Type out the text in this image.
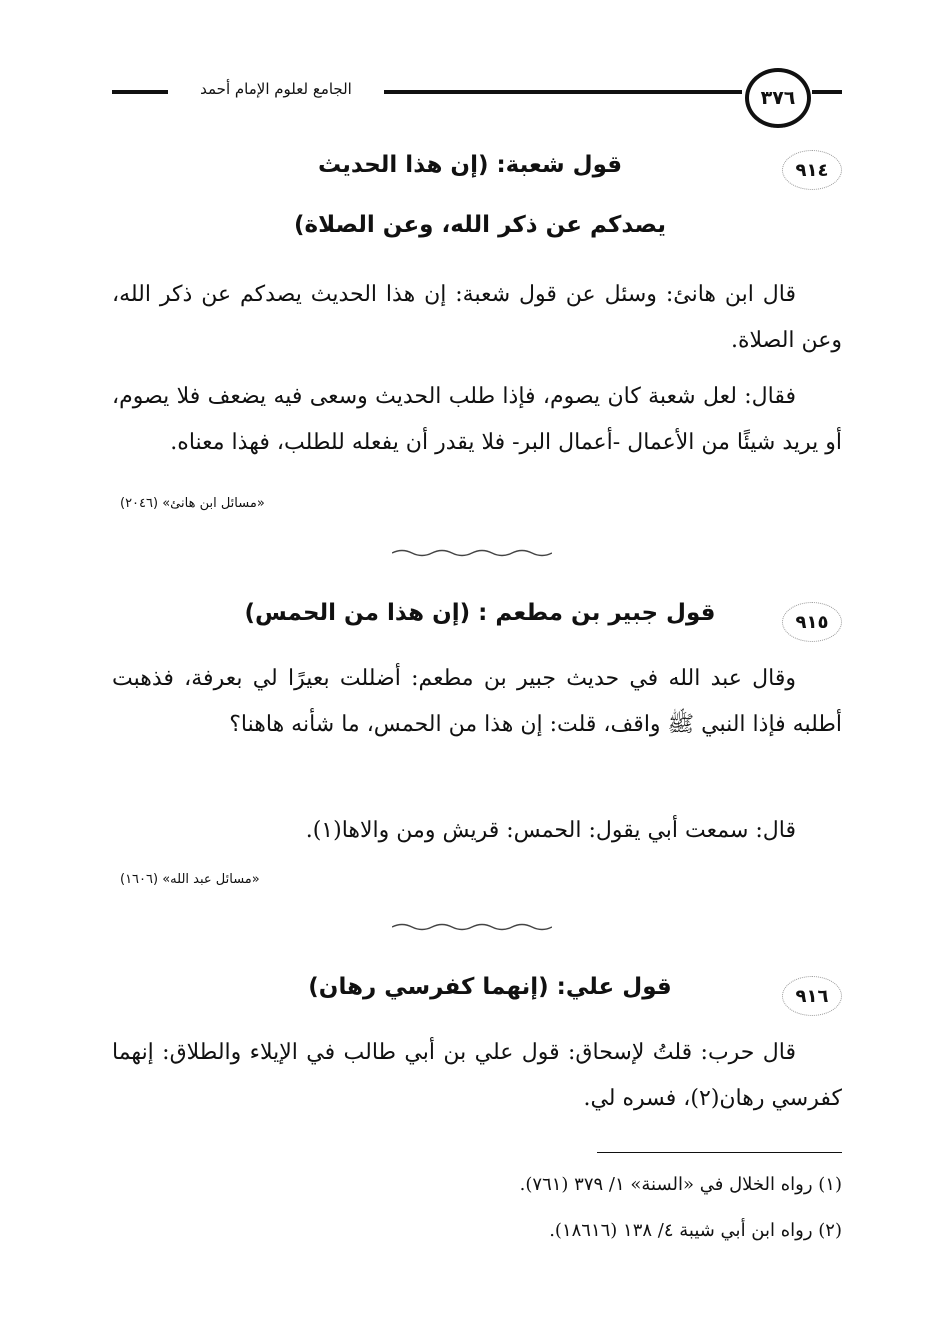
الجامع لعلوم الإمام أحمد	٣٧٦
٩١٤
قول شعبة: (إن هذا الحديث
يصدكم عن ذكر الله، وعن الصلاة)
قال ابن هانئ: وسئل عن قول شعبة: إن هذا الحديث يصدكم عن ذكر الله، وعن الصلاة.
فقال: لعل شعبة كان يصوم، فإذا طلب الحديث وسعى فيه يضعف فلا يصوم، أو يريد شيئًا من الأعمال -أعمال البر- فلا يقدر أن يفعله للطلب، فهذا معناه.
«مسائل ابن هانئ» (٢٠٤٦)
٩١٥
قول جبير بن مطعم : (إن هذا من الحمس)
وقال عبد الله في حديث جبير بن مطعم: أضللت بعيرًا لي بعرفة، فذهبت أطلبه فإذا النبي ﷺ واقف، قلت: إن هذا من الحمس، ما شأنه هاهنا؟
قال: سمعت أبي يقول: الحمس: قريش ومن والاها(١).
«مسائل عبد الله» (١٦٠٦)
٩١٦
قول علي: (إنهما كفرسي رهان)
قال حرب: قلتُ لإسحاق: قول علي بن أبي طالب في الإيلاء والطلاق: إنهما كفرسي رهان(٢)، فسره لي.
(١) رواه الخلال في «السنة» ١/ ٣٧٩ (٧٦١).
(٢) رواه ابن أبي شيبة ٤/ ١٣٨ (١٨٦١٦).
